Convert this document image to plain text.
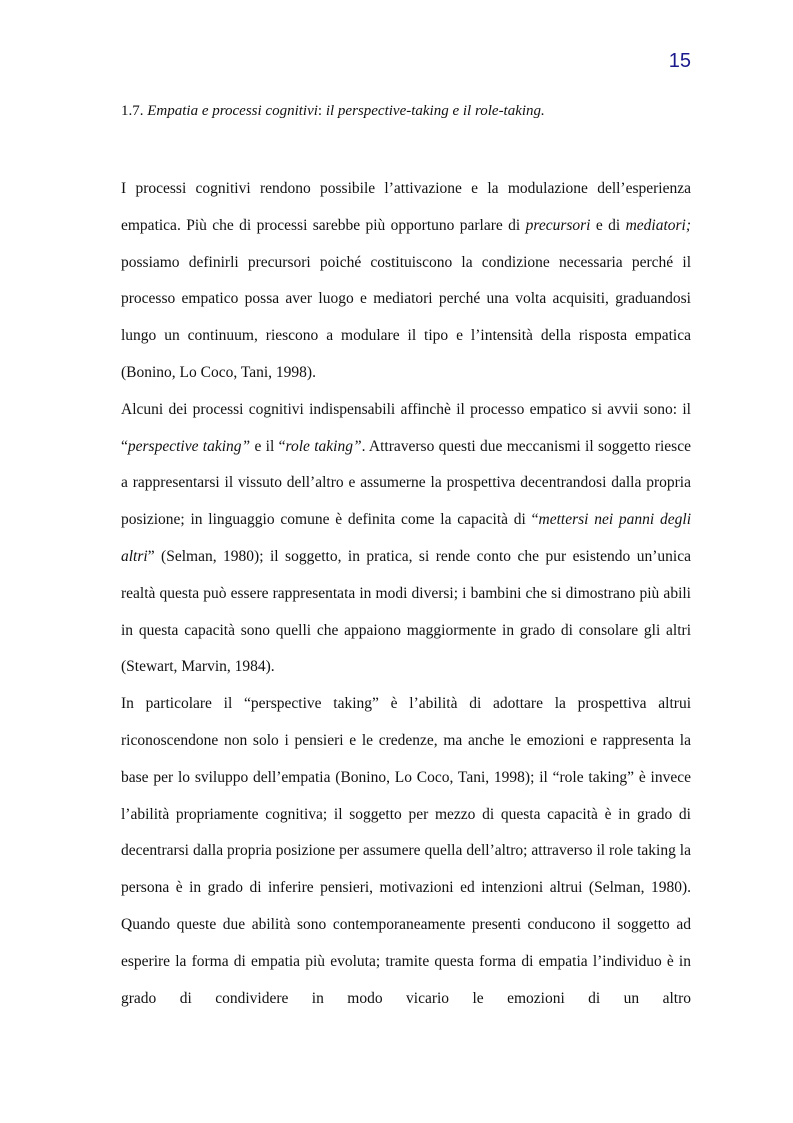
15

1.7. Empatia e processi cognitivi: il perspective-taking e il role-taking.

I processi cognitivi rendono possibile l’attivazione e la modulazione dell’esperienza empatica. Più che di processi sarebbe più opportuno parlare di precursori e di mediatori; possiamo definirli precursori poiché costituiscono la condizione necessaria perché il processo empatico possa aver luogo e mediatori perché una volta acquisiti, graduandosi lungo un continuum, riescono a modulare il tipo e l’intensità della risposta empatica (Bonino, Lo Coco, Tani, 1998).

Alcuni dei processi cognitivi indispensabili affinchè il processo empatico si avvii sono: il “perspective taking” e il “role taking”. Attraverso questi due meccanismi il soggetto riesce a rappresentarsi il vissuto dell’altro e assumerne la prospettiva decentrandosi dalla propria posizione; in linguaggio comune è definita come la capacità di “mettersi nei panni degli altri” (Selman, 1980); il soggetto, in pratica, si rende conto che pur esistendo un’unica realtà questa può essere rappresentata in modi diversi; i bambini che si dimostrano più abili in questa capacità sono quelli che appaiono maggiormente in grado di consolare gli altri (Stewart, Marvin, 1984).

In particolare il “perspective taking” è l’abilità di adottare la prospettiva altrui riconoscendone non solo i pensieri e le credenze, ma anche le emozioni e rappresenta la base per lo sviluppo dell’empatia (Bonino, Lo Coco, Tani, 1998); il “role taking” è invece l’abilità propriamente cognitiva; il soggetto per mezzo di questa capacità è in grado di decentrarsi dalla propria posizione per assumere quella dell’altro; attraverso il role taking la persona è in grado di inferire pensieri, motivazioni ed intenzioni altrui (Selman, 1980). Quando queste due abilità sono contemporaneamente presenti conducono il soggetto ad esperire la forma di empatia più evoluta; tramite questa forma di empatia l’individuo è in grado di condividere in modo vicario le emozioni di un altro
